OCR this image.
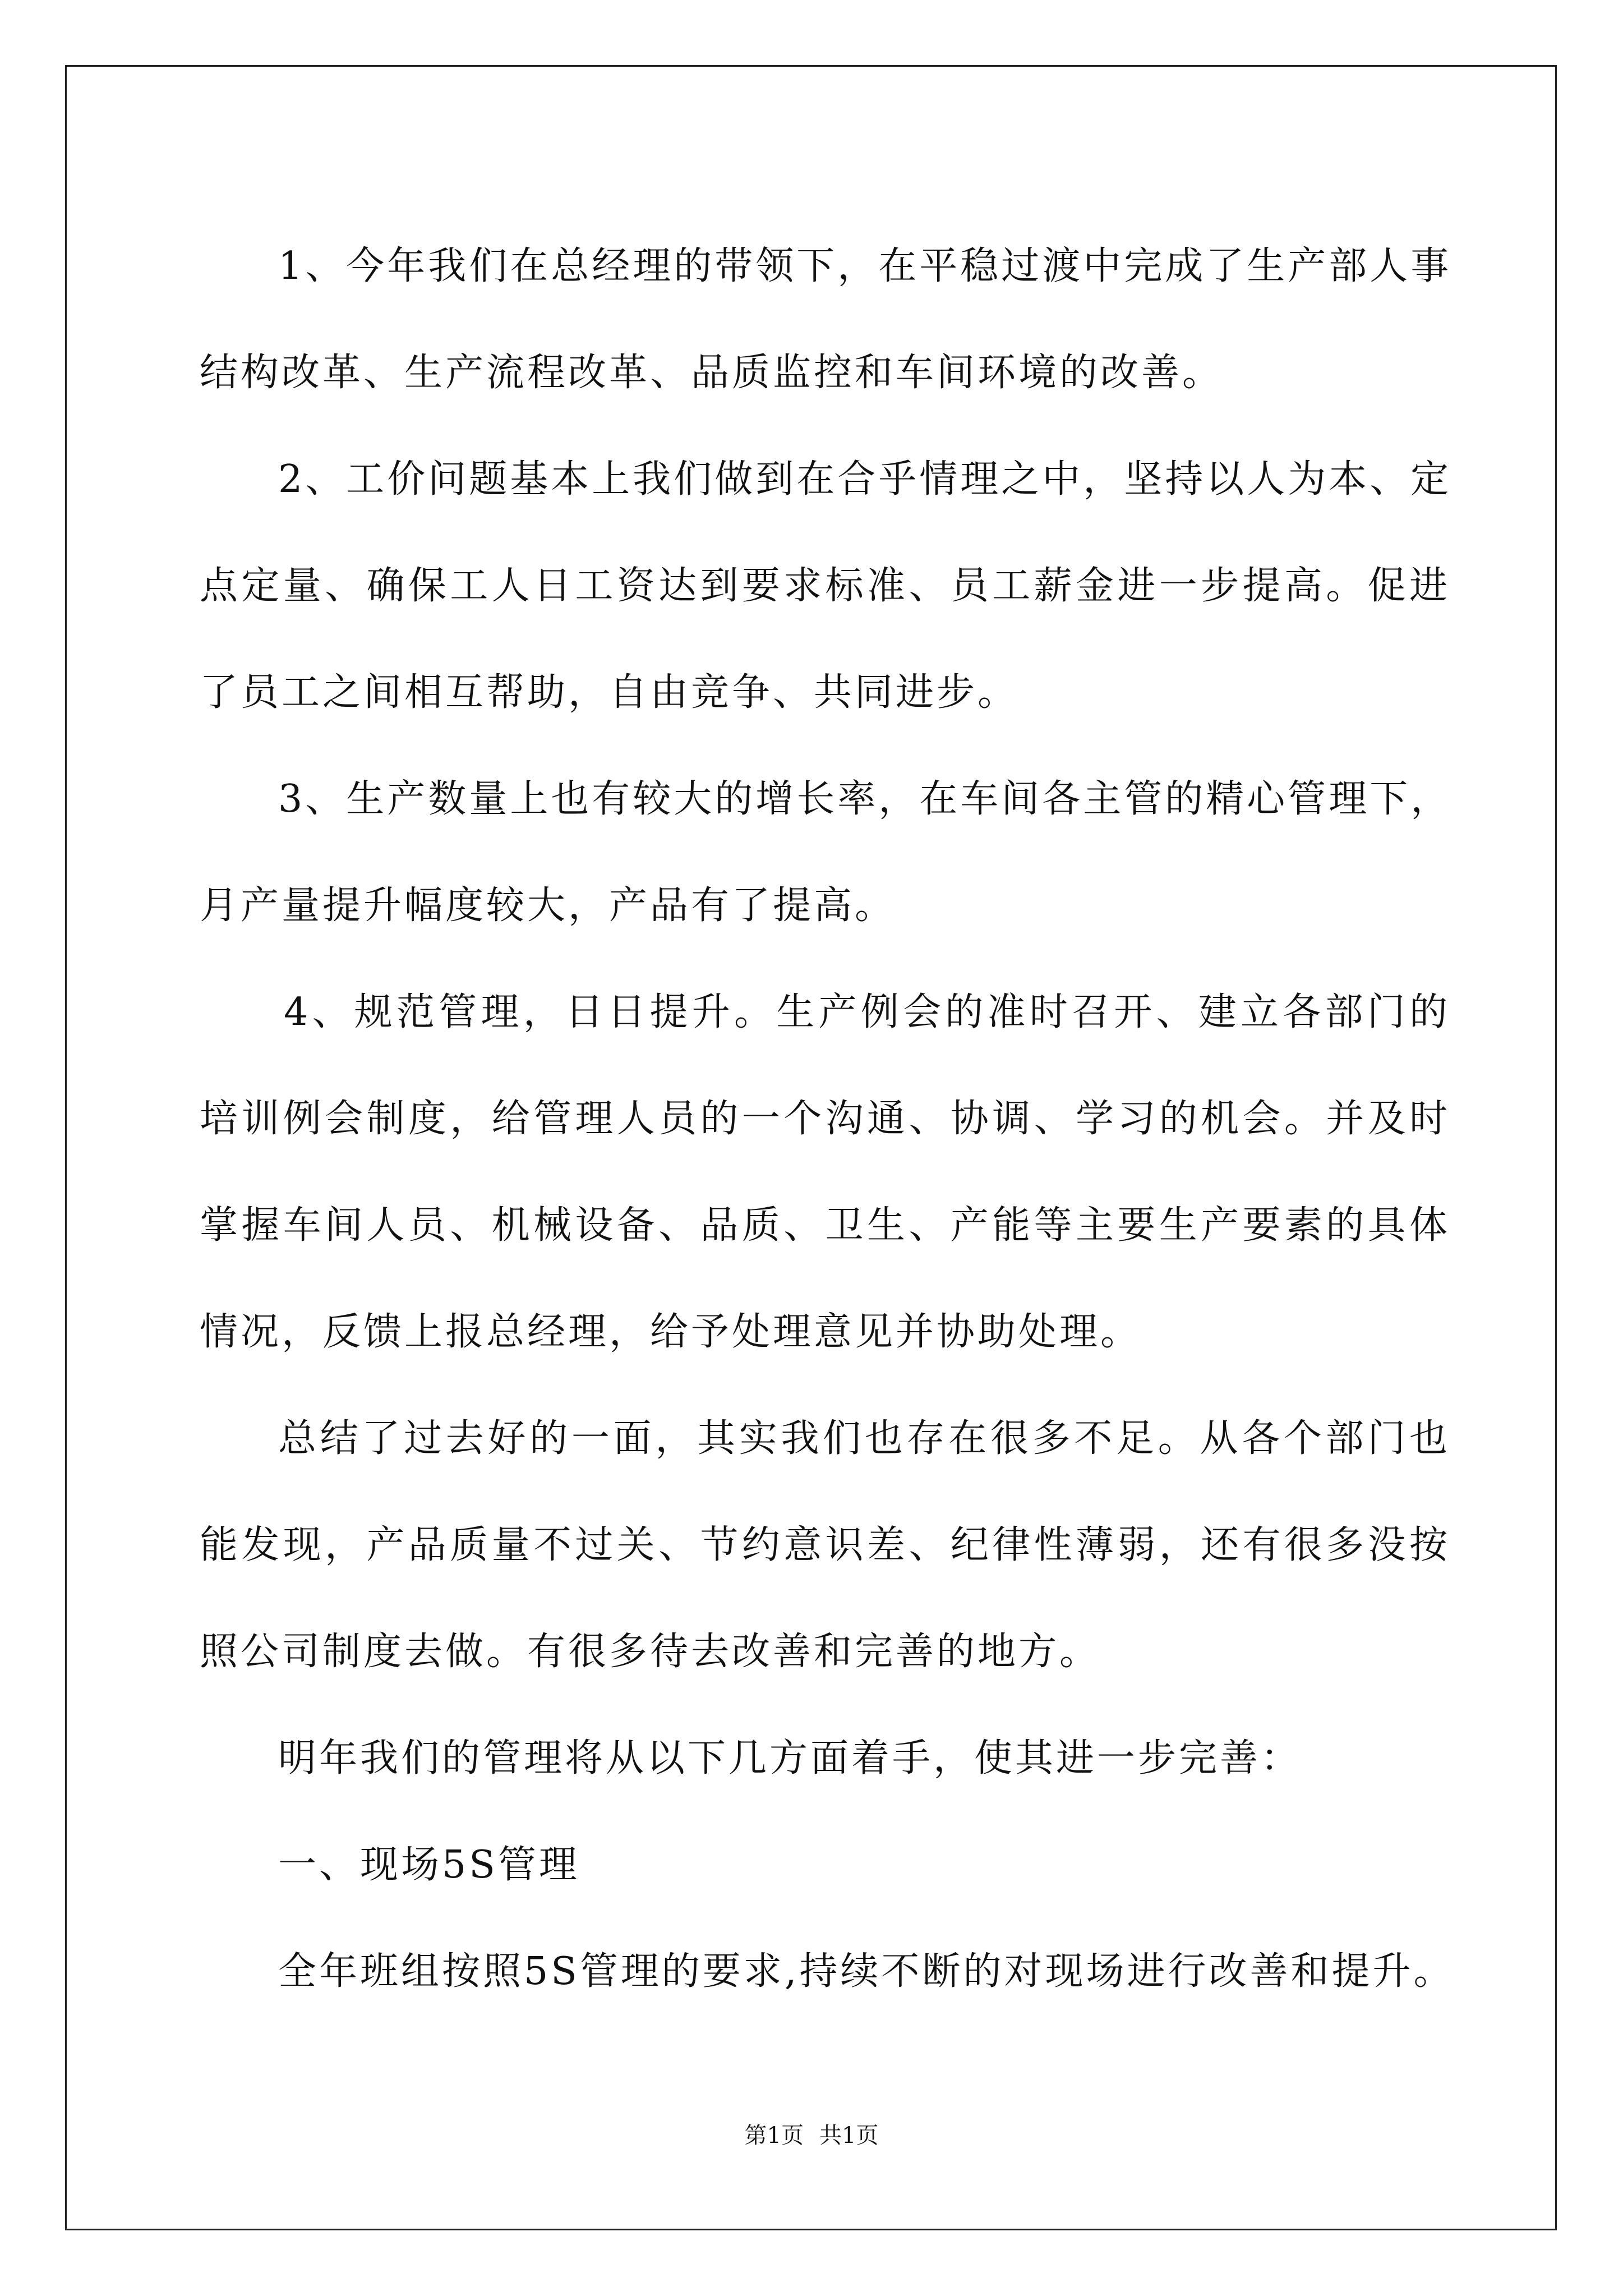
1、今年我们在总经理的带领下，在平稳过渡中完成了生产部人事
结构改革、生产流程改革、品质监控和车间环境的改善。
2、工价问题基本上我们做到在合乎情理之中，坚持以人为本、定
点定量、确保工人日工资达到要求标准、员工薪金进一步提高。促进
了员工之间相互帮助，自由竞争、共同进步。
3、生产数量上也有较大的增长率，在车间各主管的精心管理下，
月产量提升幅度较大，产品有了提高。
4、规范管理，日日提升。生产例会的准时召开、建立各部门的
培训例会制度，给管理人员的一个沟通、协调、学习的机会。并及时
掌握车间人员、机械设备、品质、卫生、产能等主要生产要素的具体
情况，反馈上报总经理，给予处理意见并协助处理。
总结了过去好的一面，其实我们也存在很多不足。从各个部门也
能发现，产品质量不过关、节约意识差、纪律性薄弱，还有很多没按
照公司制度去做。有很多待去改善和完善的地方。
明年我们的管理将从以下几方面着手，使其进一步完善：
一、现场5S管理
全年班组按照5S管理的要求,持续不断的对现场进行改善和提升。
第1页 共1页
